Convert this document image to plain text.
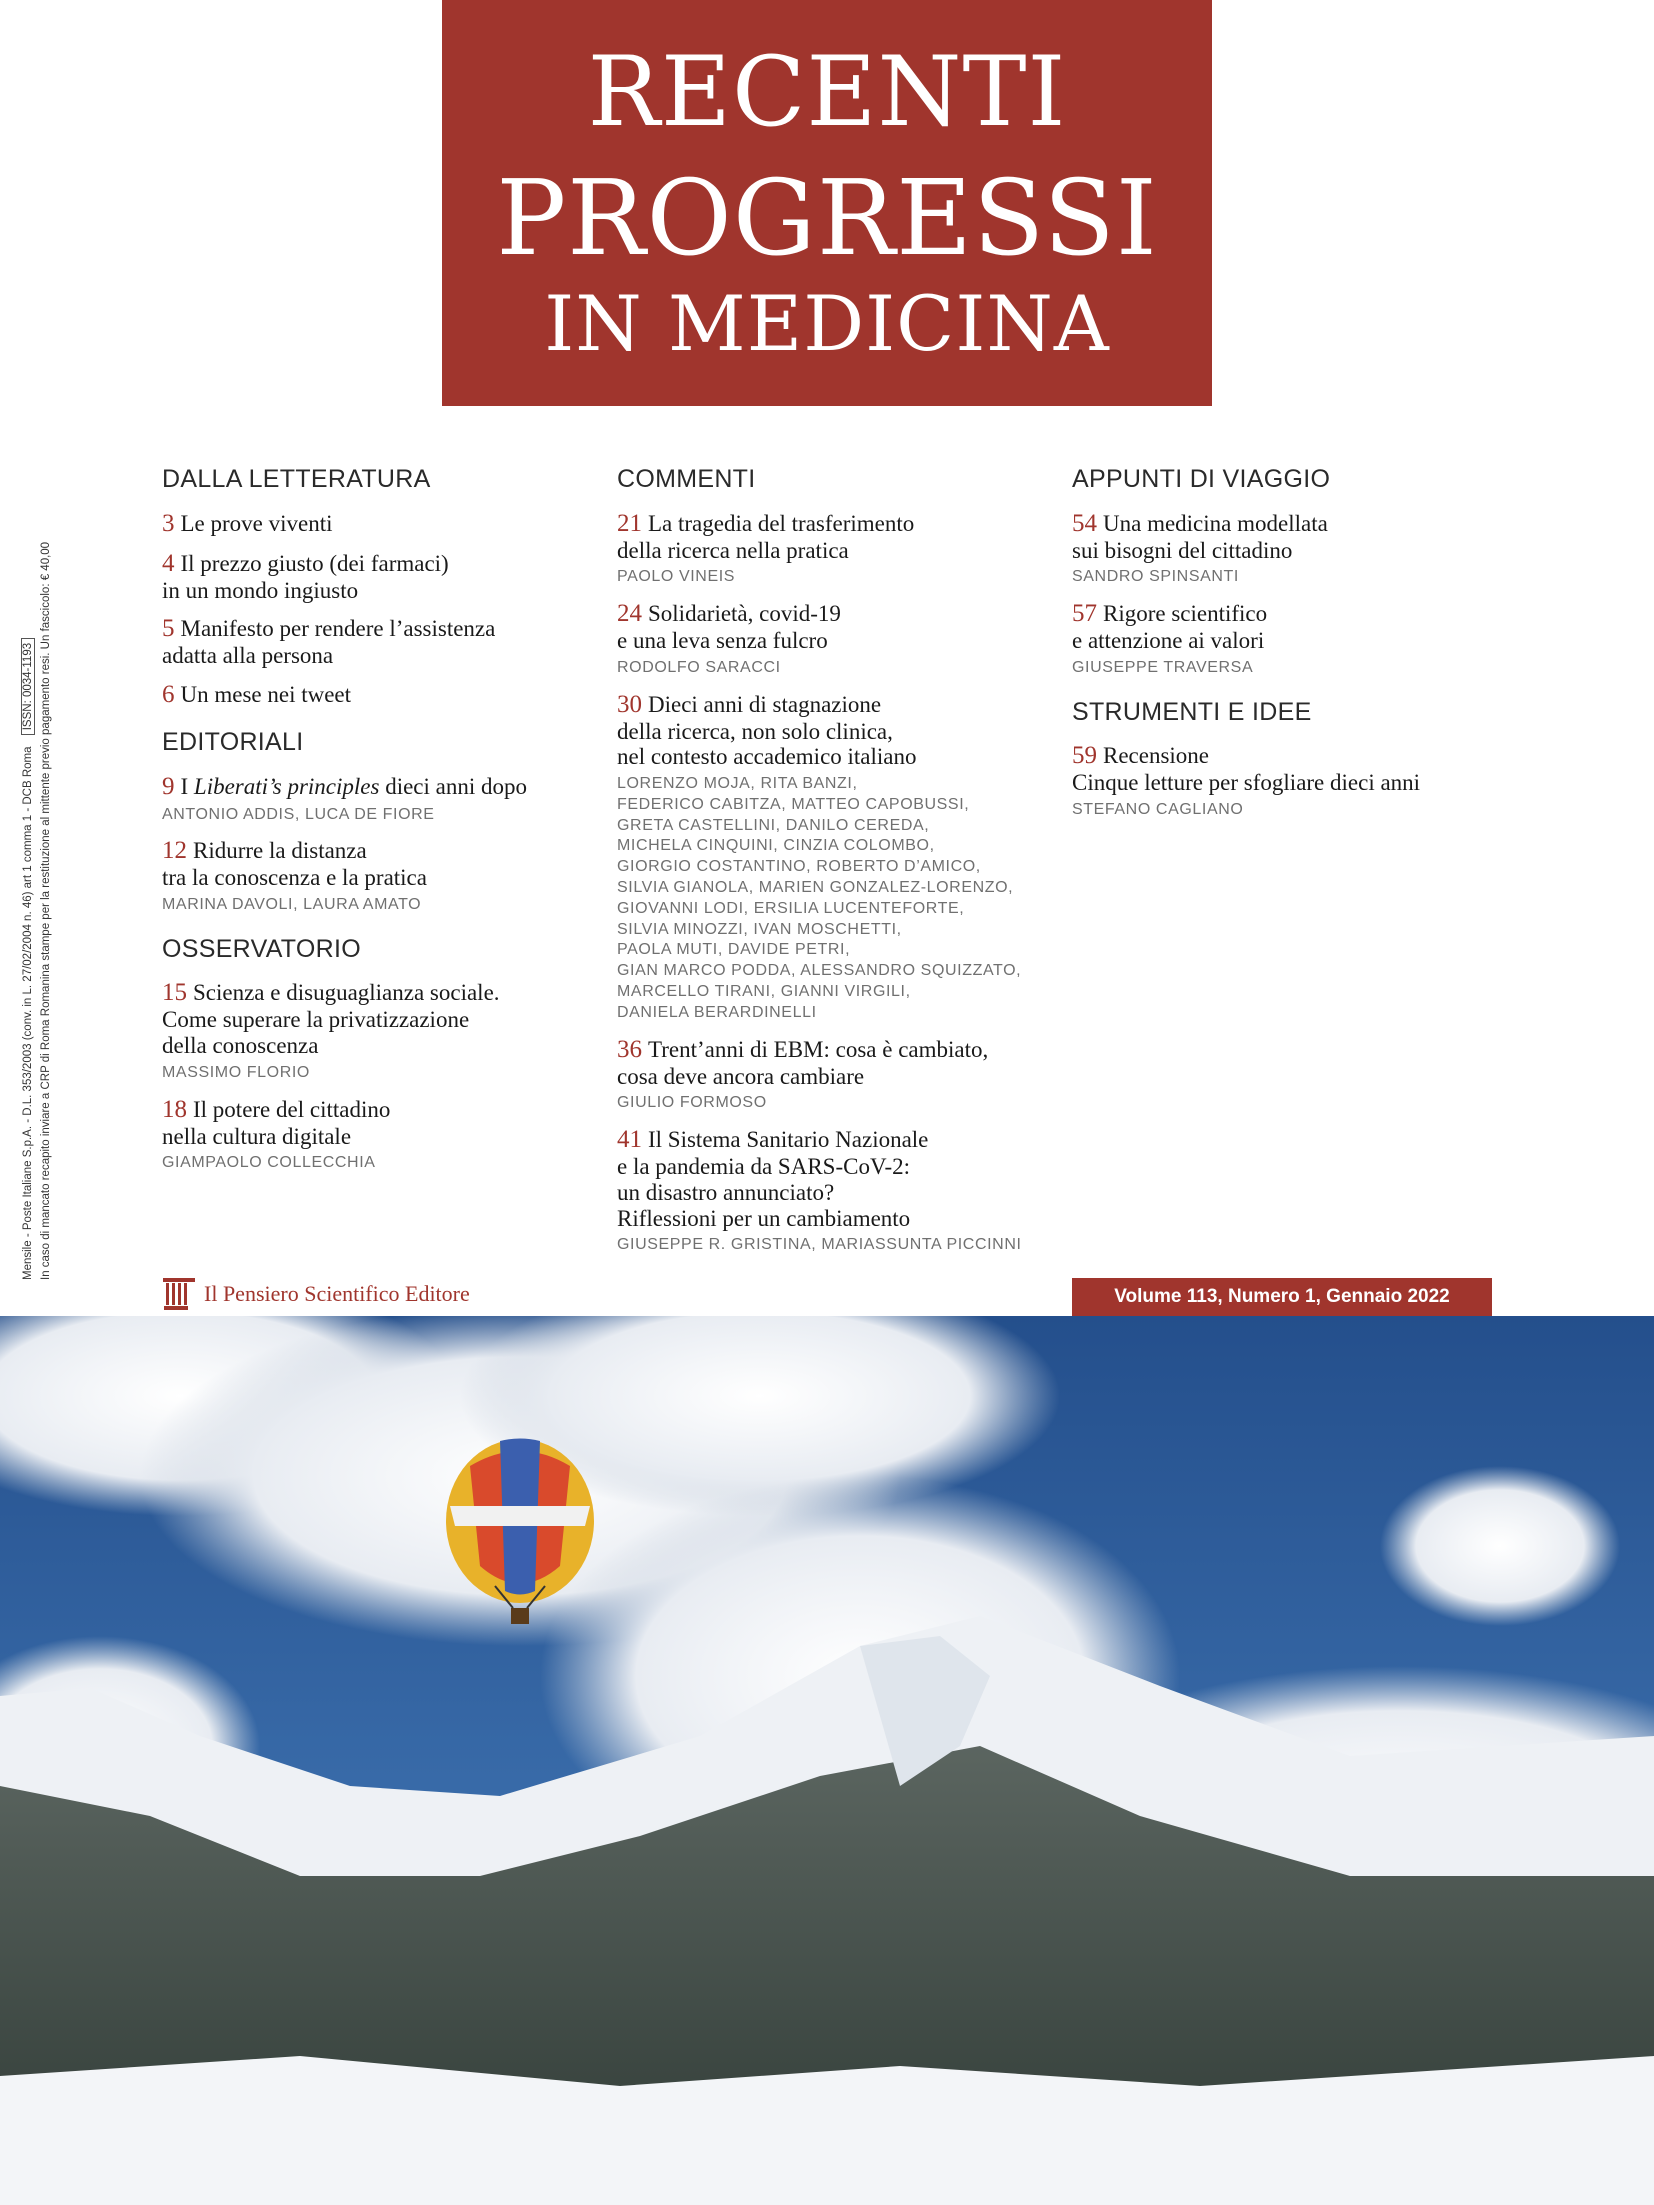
RECENTI
PROGRESSI
IN MEDICINA
Mensile - Poste Italiane S.p.A. - D.L. 353/2003 (conv. in L. 27/02/2004 n. 46) art 1 comma 1 - DCB Roma ISSN: 0034-1193 In caso di mancato recapito inviare a CRP di Roma Romanina stampe per la restituzione al mittente previo pagamento resi. Un fascicolo: € 40,00
DALLA LETTERATURA
3 Le prove viventi
4 Il prezzo giusto (dei farmaci)
in un mondo ingiusto
5 Manifesto per rendere l’assistenza
adatta alla persona
6 Un mese nei tweet
EDITORIALI
9 I Liberati’s principles dieci anni dopo
ANTONIO ADDIS, LUCA DE FIORE
12 Ridurre la distanza
tra la conoscenza e la pratica
MARINA DAVOLI, LAURA AMATO
OSSERVATORIO
15 Scienza e disuguaglianza sociale.
Come superare la privatizzazione
della conoscenza
MASSIMO FLORIO
18 Il potere del cittadino
nella cultura digitale
GIAMPAOLO COLLECCHIA
COMMENTI
21 La tragedia del trasferimento
della ricerca nella pratica
PAOLO VINEIS
24 Solidarietà, covid-19
e una leva senza fulcro
RODOLFO SARACCI
30 Dieci anni di stagnazione
della ricerca, non solo clinica,
nel contesto accademico italiano
LORENZO MOJA, RITA BANZI,
FEDERICO CABITZA, MATTEO CAPOBUSSI,
GRETA CASTELLINI, DANILO CEREDA,
MICHELA CINQUINI, CINZIA COLOMBO,
GIORGIO COSTANTINO, ROBERTO D’AMICO,
SILVIA GIANOLA, MARIEN GONZALEZ-LORENZO,
GIOVANNI LODI, ERSILIA LUCENTEFORTE,
SILVIA MINOZZI, IVAN MOSCHETTI,
PAOLA MUTI, DAVIDE PETRI,
GIAN MARCO PODDA, ALESSANDRO SQUIZZATO,
MARCELLO TIRANI, GIANNI VIRGILI,
DANIELA BERARDINELLI
36 Trent’anni di EBM: cosa è cambiato,
cosa deve ancora cambiare
GIULIO FORMOSO
41 Il Sistema Sanitario Nazionale
e la pandemia da SARS-CoV-2:
un disastro annunciato?
Riflessioni per un cambiamento
GIUSEPPE R. GRISTINA, MARIASSUNTA PICCINNI
APPUNTI DI VIAGGIO
54 Una medicina modellata
sui bisogni del cittadino
SANDRO SPINSANTI
57 Rigore scientifico
e attenzione ai valori
GIUSEPPE TRAVERSA
STRUMENTI E IDEE
59 Recensione
Cinque letture per sfogliare dieci anni
STEFANO CAGLIANO
Il Pensiero Scientifico Editore	Volume 113, Numero 1, Gennaio 2022
